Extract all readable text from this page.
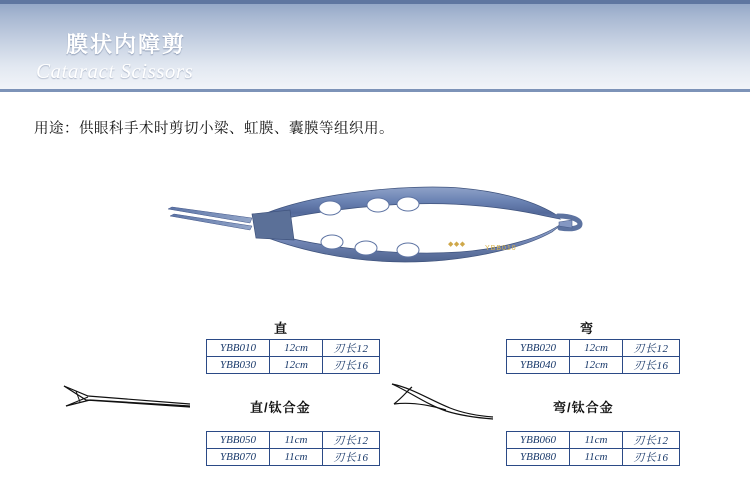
膜状内障剪
Cataract Scissors
用途：供眼科手术时剪切小梁、虹膜、囊膜等组织用。
YBB010
◆◆◆
直	弯
直/钛合金	弯/钛合金
YBB010	12cm	刃长12
YBB030	12cm	刃长16
YBB020	12cm	刃长12
YBB040	12cm	刃长16
YBB050	11cm	刃长12
YBB070	11cm	刃长16
YBB060	11cm	刃长12
YBB080	11cm	刃长16
